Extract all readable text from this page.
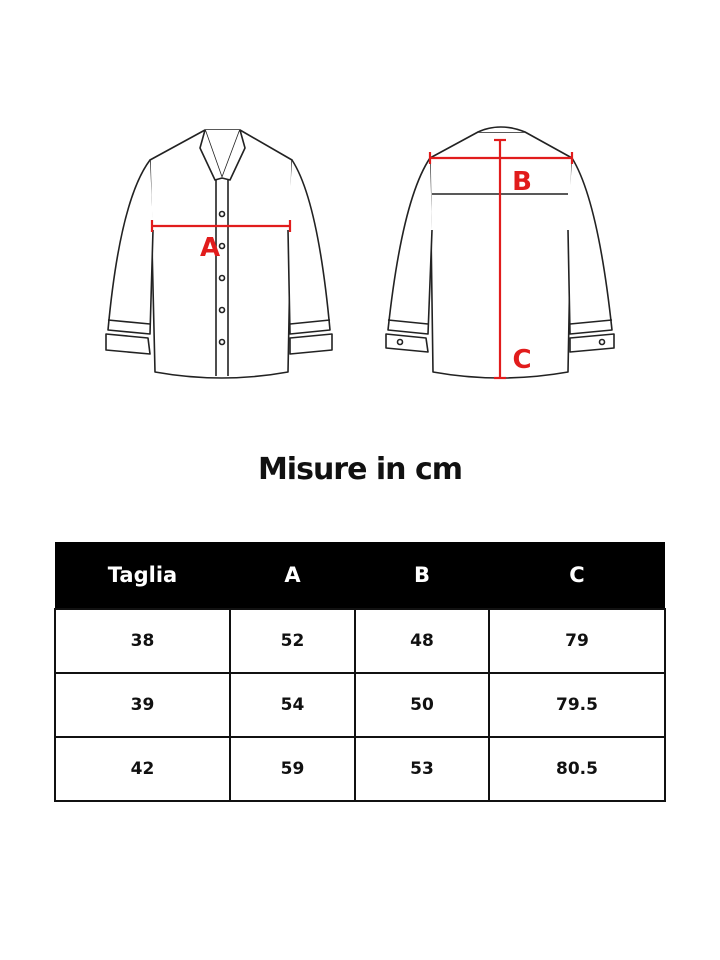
A
B
C
Misure in cm
Taglia	A	B	C
38	52	48	79
39	54	50	79.5
42	59	53	80.5
